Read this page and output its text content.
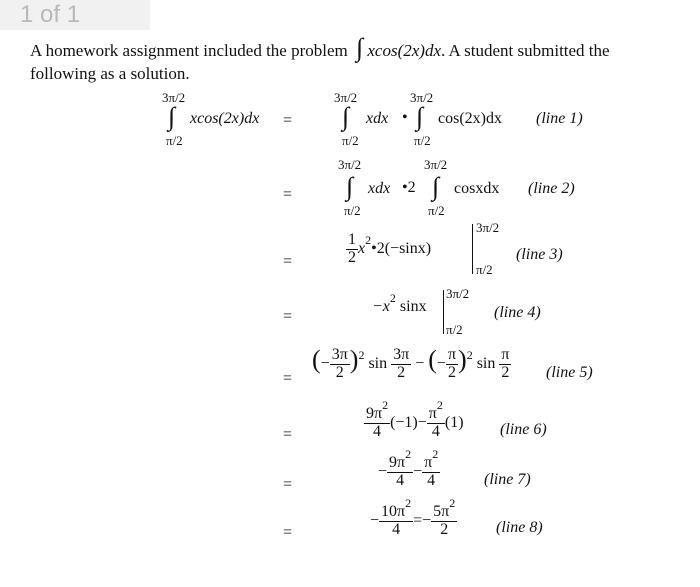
1 of 1
A homework assignment included the problem ∫ xcos(2x)dx. A student submitted the
following as a solution.
3π/2
∫ xcos(2x)dx
π/2
=
=
=
=
=
=
=
=
3π/2
∫
π/2
xdx •
3π/2
∫
π/2
cos(2x)dx (line 1)
3π/2
∫
π/2
xdx •2
3π/2
∫
π/2
cosxdx (line 2)
$\frac{1}{2}$ $x^2•2(-\sin x)$
3π/2
π/2
(line 3)
$-x^2$ sinx
3π/2
π/2
(line 4)
(− $\frac{3\pi}{2} )^2$ $\sin \frac{3\pi}{2}$ − (− $\frac{\pi}{2} )^2$ $\sin \frac{\pi}{2}$ (line 5)
$\frac{9\pi^2}{4} (-1)- \frac{\pi^2}{4} (1)$ (line 6)
− $\frac{9\pi^2}{4} - \frac{\pi^2}{4}$	(line 7)
− $\frac{10\pi^2}{4} =- \frac{5\pi^2}{2}$ (line 8)
